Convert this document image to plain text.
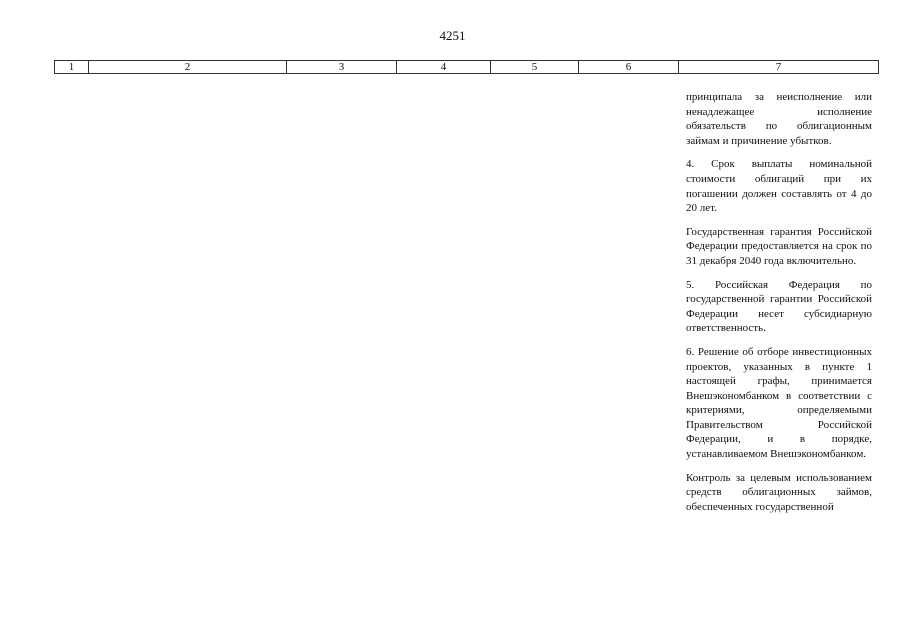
4251
1	2	3	4	5	6	7

принципала за неисполнение или ненадлежащее исполнение обязательств по облигационным займам и причинение убытков.

4. Срок выплаты номинальной стоимости облигаций при их погашении должен составлять от 4 до 20 лет.

Государственная гарантия Российской Федерации предоставляется на срок по 31 декабря 2040 года включительно.

5. Российская Федерация по государственной гарантии Российской Федерации несет субсидиарную ответственность.

6. Решение об отборе инвестиционных проектов, указанных в пункте 1 настоящей графы, принимается Внешэкономбанком в соответствии с критериями, определяемыми Правительством Российской Федерации, и в порядке, устанавливаемом Внешэкономбанком.

Контроль за целевым использованием средств облигационных займов, обеспеченных государственной
